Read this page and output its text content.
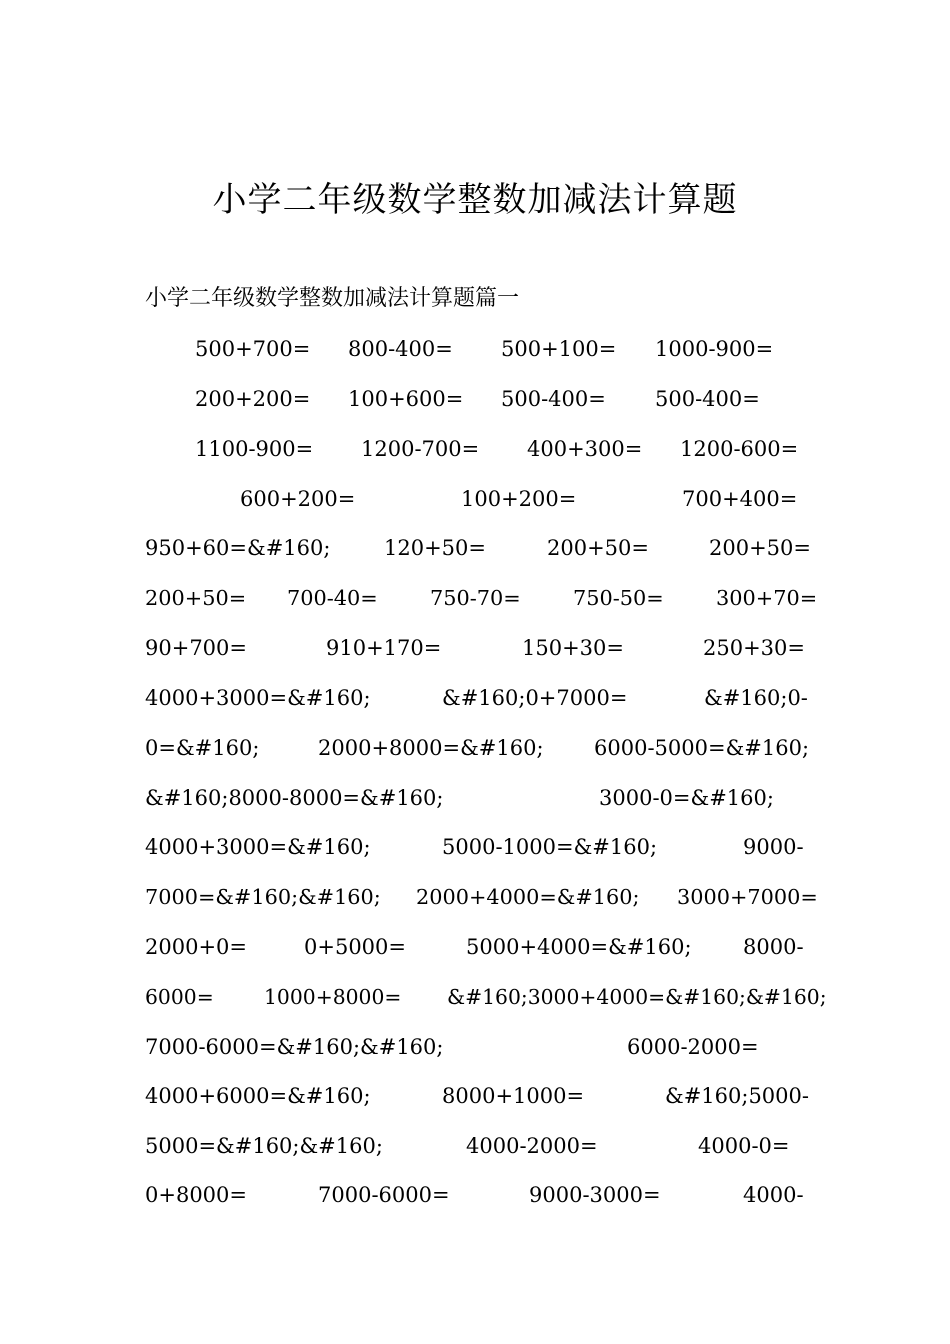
小学二年级数学整数加减法计算题
小学二年级数学整数加减法计算题篇一
500+700= 800-400= 500+100= 1000-900=
200+200= 100+600= 500-400= 500-400=
1100-900= 1200-700= 400+300= 1200-600=
600+200=	100+200=	700+400=
950+60=&#160;	120+50=	200+50=	200+50=
200+50= 700-40=	750-70=	750-50=	300+70=
90+700=	910+170=	150+30=	250+30=
4000+3000=&#160;	&#160;0+7000=	&#160;0-
0=&#160;	2000+8000=&#160; 6000-5000=&#160;
&#160;8000-8000=&#160;	3000-0=&#160;
4000+3000=&#160;	5000-1000=&#160;	9000-
7000=&#160;&#160; 2000+4000=&#160; 3000+7000=
2000+0=	0+5000=	5000+4000=&#160; 8000-
6000= 1000+8000= &#160;3000+4000=&#160;&#160;
7000-6000=&#160;&#160;	6000-2000=
4000+6000=&#160;	8000+1000=	&#160;5000-
5000=&#160;&#160;	4000-2000=	4000-0=
0+8000=	7000-6000=	9000-3000=	4000-
